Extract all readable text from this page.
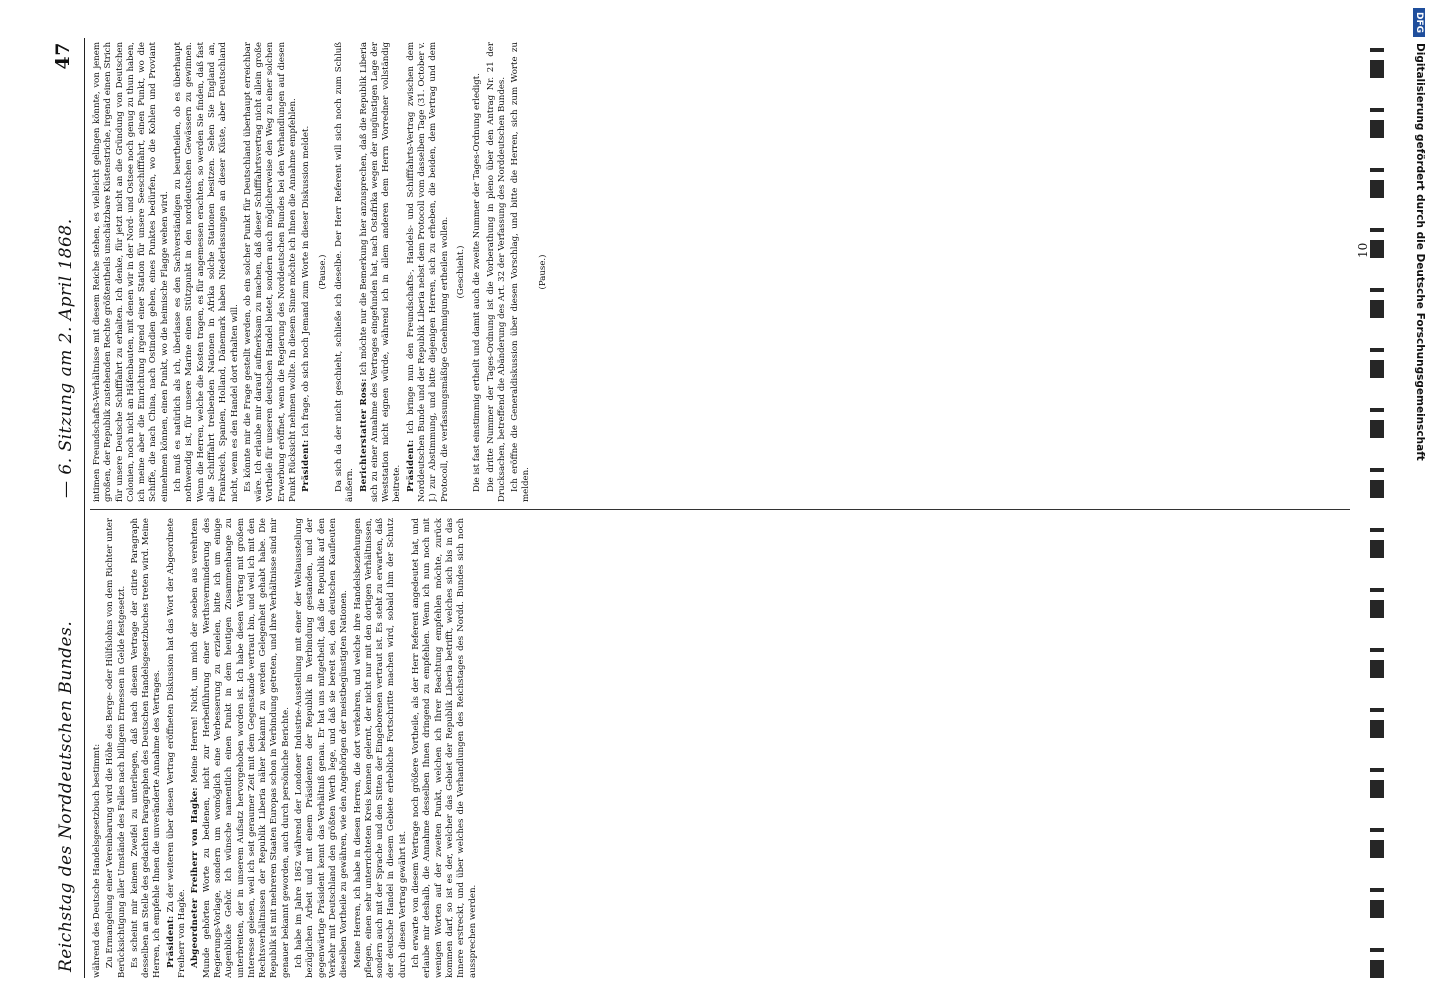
Reichstag des Norddeutschen Bundes.
— 6. Sitzung am 2. April 1868.
47

während des Deutsche Handelsgesetzbuch bestimmt: Zu Ermangelung einer Vereinbarung wird die Höhe des Berge- oder Hülfslohns von dem Richter unter Berücksichtigung aller Umstände des Falles nach billigem Ermessen in Gelde festgesetzt. Es scheint mir keinem Zweifel zu unterliegen, daß nach diesem Vertrage der citirte Paragraph desselben an Stelle des gedachten Paragraphen des Deutschen Handelsgesetzbuches treten wird. Meine Herren, ich empfehle Ihnen die unveränderte Annahme des Vertrages. Präsident: Zu der weiteren über diesen Vertrag eröffneten Diskussion hat das Wort der Abgeordnete Freiherr von Hagke. Abgeordneter Freiherr von Hagke: Meine Herren! Nicht, um mich der soeben aus verehrtem Munde gehörten Worte zu bedienen, nicht zur Herbeiführung einer Werthsverminderung des Regierungs-Vorlage, sondern um womöglich eine Verbesserung zu erzielen, bitte ich um einige Augenblicke Gehör. Ich wünsche namentlich einen Punkt in dem heutigen Zusammenhange zu unterbreiten, der in unserem Aufsatz hervorgehoben worden ist. Ich habe diesen Vertrag mit großem Interesse gelesen, weil ich seit geraumer Zeit mit dem Gegenstande vertraut bin, und weil ich mit den Rechtsverhältnissen der Republik Liberia näher bekannt zu werden Gelegenheit gehabt habe. Die Republik ist mit mehreren Staaten Europas schon in Verbindung getreten, und ihre Verhältnisse sind mir genauer bekannt geworden, auch durch persönliche Berichte. Ich habe im Jahre 1862 während der Londoner Industrie-Ausstellung mit einer der Weltausstellung bezüglichen Arbeit und mit einem Präsidenten der Republik in Verbindung gestanden, und der gegenwärtige Präsident kennt das Verhältniß genau. Er hat uns mitgetheilt, daß die Republik auf den Verkehr mit Deutschland den größten Werth lege, und daß sie bereit sei, den deutschen Kaufleuten dieselben Vortheile zu gewähren, wie den Angehörigen der meistbegünstigten Nationen. Meine Herren, ich habe in diesen Herren, die dort verkehren, und welche ihre Handelsbeziehungen pflegen, einen sehr unterrichteten Kreis kennen gelernt, der nicht nur mit den dortigen Verhältnissen, sondern auch mit der Sprache und den Sitten der Eingeborenen vertraut ist. Es steht zu erwarten, daß der deutsche Handel in diesem Gebiete erhebliche Fortschritte machen wird, sobald ihm der Schutz durch diesen Vertrag gewährt ist. Ich erwarte von diesem Vertrage noch größere Vortheile, als der Herr Referent angedeutet hat, und erlaube mir deshalb, die Annahme desselben Ihnen dringend zu empfehlen. Wenn ich nun noch mit wenigen Worten auf der zweiten Punkt, welchen ich Ihrer Beachtung empfehlen möchte, zurück kommen darf, so ist es der, welcher das Gebiet der Republik Liberia betrifft, welches sich bis in das Innere erstreckt, und über welches die Verhandlungen des Reichstages des Nordd. Bundes sich noch aussprechen werden.

intimen Freundschafts-Verhältnisse mit diesem Reiche stehen, es vielleicht gelingen könnte, von jenem großen, der Republik zustehenden Rechte größtentheils unschätzbare Küstenstriche, irgend einen Strich für unsere Deutsche Schifffahrt zu erhalten. Ich denke, für jetzt nicht an die Gründung von Deutschen Colonien, noch nicht an Häfenbauten, mit denen wir in der Nord- und Ostsee noch genug zu thun haben, ich meine aber die Einrichtung irgend einer Station für unsere Seeschifffahrt, einen Punkt, wo die Schiffe, die nach China, nach Ostindien gehen, eines Punktes bedürfen, wo die Kohlen und Proviant einnehmen können, einen Punkt, wo die heimische Flagge wehen wird. Ich muß es natürlich als ich, überlasse es den Sachverständigen zu beurtheilen, ob es überhaupt nothwendig ist, für unsere Marine einen Stützpunkt in den norddeutschen Gewässern zu gewinnen. Wenn die Herren, welche die Kosten tragen, es für angemessen erachten, so werden Sie finden, daß fast alle Schifffahrt treibenden Nationen in Afrika solche Stationen besitzen. Sehen Sie England an, Frankreich, Spanien, Holland, Dänemark haben Niederlassungen an dieser Küste, aber Deutschland nicht, wenn es den Handel dort erhalten will. Es könnte mir die Frage gestellt werden, ob ein solcher Punkt für Deutschland überhaupt erreichbar wäre. Ich erlaube mir darauf aufmerksam zu machen, daß dieser Schifffahrtsvertrag nicht allein große Vortheile für unseren deutschen Handel bietet, sondern auch möglicherweise den Weg zu einer solchen Erwerbung eröffnet, wenn die Regierung des Norddeutschen Bundes bei den Verhandlungen auf diesen Punkt Rücksicht nehmen wollte. In diesem Sinne möchte ich Ihnen die Annahme empfehlen. Präsident: Ich frage, ob sich noch Jemand zum Worte in dieser Diskussion meldet. (Pause.) Da sich da der nicht geschieht, schließe ich dieselbe. Der Herr Referent will sich noch zum Schluß äußern. Berichterstatter Ross: Ich möchte nur die Bemerkung hier anzusprechen, daß die Republik Liberia sich zu einer Annahme des Vertrages eingefunden hat, nach Ostafrika wegen der ungünstigen Lage der Weststation nicht eignen würde, während ich in allem anderen dem Herrn Vorredner vollständig beitrete. Präsident: Ich bringe nun den Freundschafts-, Handels- und Schifffahrts-Vertrag zwischen dem Norddeutschen Bunde und der Republik Liberia nebst dem Protocoll vom dasselben Tage (31. October v. J.) zur Abstimmung, und bitte diejenigen Herren, sich zu erheben, die beiden, dem Vertrag und dem Protocoll, die verfassungsmäßige Genehmigung ertheilen wollen. (Geschieht.) Die ist fast einstimmig ertheilt und damit auch die zweite Nummer der Tages-Ordnung erledigt. Die dritte Nummer der Tages-Ordnung ist die Vorberathung in pleno über den Antrag Nr. 21 der Drucksachen, betreffend die Abänderung des Art. 32 der Verfassung des Norddeutschen Bundes. Ich eröffne die Generaldiskussion über diesen Vorschlag, und bitte die Herren, sich zum Worte zu melden.

(Pause.)

10
DFGDigitalisierung gefördert durch die Deutsche Forschungsgemeinschaft
